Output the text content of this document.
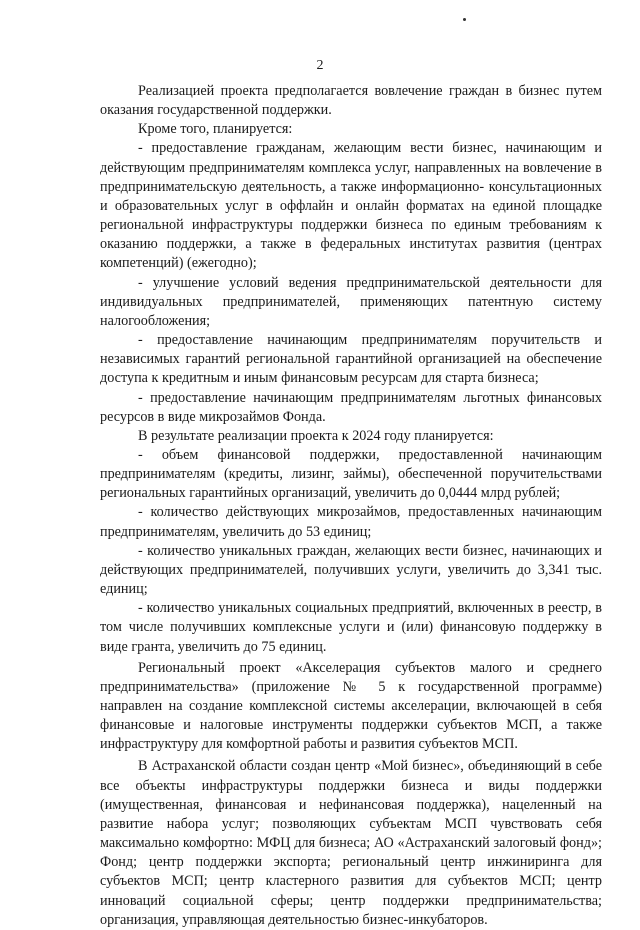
2

Реализацией проекта предполагается вовлечение граждан в бизнес путем оказания государственной поддержки.

Кроме того, планируется:

- предоставление гражданам, желающим вести бизнес, начинающим и действующим предпринимателям комплекса услуг, направленных на вовлечение в предпринимательскую деятельность, а также информационно- консультационных и образовательных услуг в оффлайн и онлайн форматах на единой площадке региональной инфраструктуры поддержки бизнеса по единым требованиям к оказанию поддержки, а также в федеральных институтах развития (центрах компетенций) (ежегодно);

- улучшение условий ведения предпринимательской деятельности для индивидуальных предпринимателей, применяющих патентную систему налогообложения;

- предоставление начинающим предпринимателям поручительств и независимых гарантий региональной гарантийной организацией на обеспечение доступа к кредитным и иным финансовым ресурсам для старта бизнеса;

- предоставление начинающим предпринимателям льготных финансовых ресурсов в виде микрозаймов Фонда.

В результате реализации проекта к 2024 году планируется:

- объем финансовой поддержки, предоставленной начинающим предпринимателям (кредиты, лизинг, займы), обеспеченной поручительствами региональных гарантийных организаций, увеличить до 0,0444 млрд рублей;

- количество действующих микрозаймов, предоставленных начинающим предпринимателям, увеличить до 53 единиц;

- количество уникальных граждан, желающих вести бизнес, начинающих и действующих предпринимателей, получивших услуги, увеличить до 3,341 тыс. единиц;

- количество уникальных социальных предприятий, включенных в реестр, в том числе получивших комплексные услуги и (или) финансовую поддержку в виде гранта, увеличить до 75 единиц.

Региональный проект «Акселерация субъектов малого и среднего предпринимательства» (приложение № 5 к государственной программе) направлен на создание комплексной системы акселерации, включающей в себя финансовые и налоговые инструменты поддержки субъектов МСП, а также инфраструктуру для комфортной работы и развития субъектов МСП.

В Астраханской области создан центр «Мой бизнес», объединяющий в себе все объекты инфраструктуры поддержки бизнеса и виды поддержки (имущественная, финансовая и нефинансовая поддержка), нацеленный на развитие набора услуг; позволяющих субъектам МСП чувствовать себя максимально комфортно: МФЦ для бизнеса; АО «Астраханский залоговый фонд»; Фонд; центр поддержки экспорта; региональный центр инжиниринга для субъектов МСП; центр кластерного развития для субъектов МСП; центр инноваций социальной сферы; центр поддержки предпринимательства; организация, управляющая деятельностью бизнес-инкубаторов.
